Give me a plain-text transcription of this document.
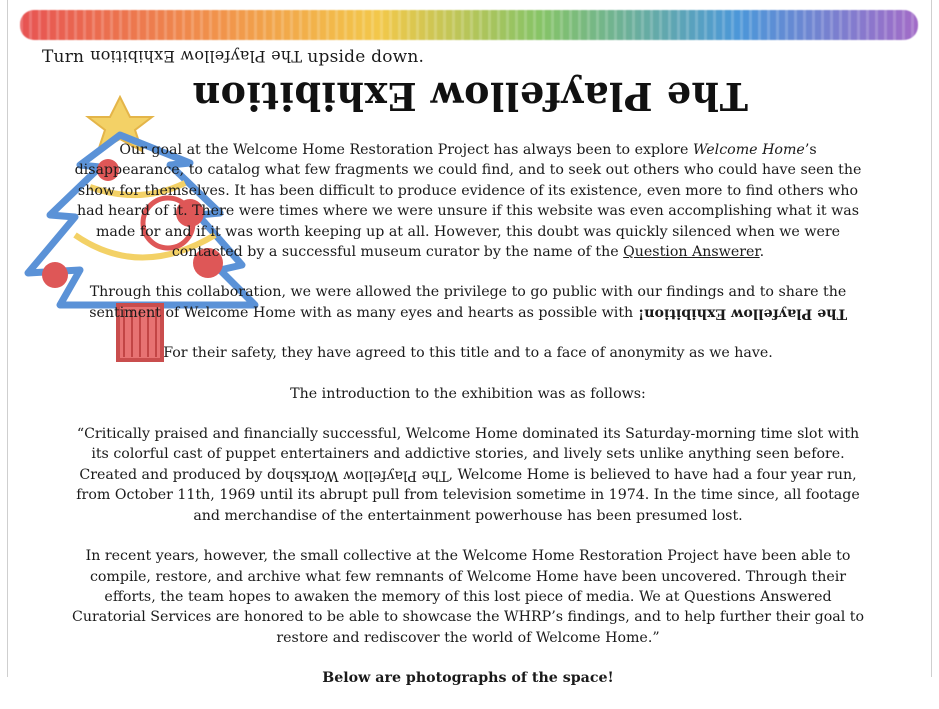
Turn The Playfellow Exhibition upside down.
The Playfellow Exhibition

Our goal at the Welcome Home Restoration Project has always been to explore Welcome Home’s disappearance, to catalog what few fragments we could find, and to seek out others who could have seen the show for themselves. It has been difficult to produce evidence of its existence, even more to find others who had heard of it. There were times where we were unsure if this website was even accomplishing what it was made for and if it was worth keeping up at all. However, this doubt was quickly silenced when we were contacted by a successful museum curator by the name of the Question Answerer.

Through this collaboration, we were allowed the privilege to go public with our findings and to share the sentiment of Welcome Home with as many eyes and hearts as possible with The Playfellow Exhibition!

For their safety, they have agreed to this title and to a face of anonymity as we have.

The introduction to the exhibition was as follows:

“Critically praised and financially successful, Welcome Home dominated its Saturday-morning time slot with its colorful cast of puppet entertainers and addictive stories, and lively sets unlike anything seen before. Created and produced by The Playfellow Workshop, Welcome Home is believed to have had a four year run, from October 11th, 1969 until its abrupt pull from television sometime in 1974. In the time since, all footage and merchandise of the entertainment powerhouse has been presumed lost.

In recent years, however, the small collective at the Welcome Home Restoration Project have been able to compile, restore, and archive what few remnants of Welcome Home have been uncovered. Through their efforts, the team hopes to awaken the memory of this lost piece of media. We at Questions Answered Curatorial Services are honored to be able to showcase the WHRP’s findings, and to help further their goal to restore and rediscover the world of Welcome Home.”

Below are photographs of the space!
